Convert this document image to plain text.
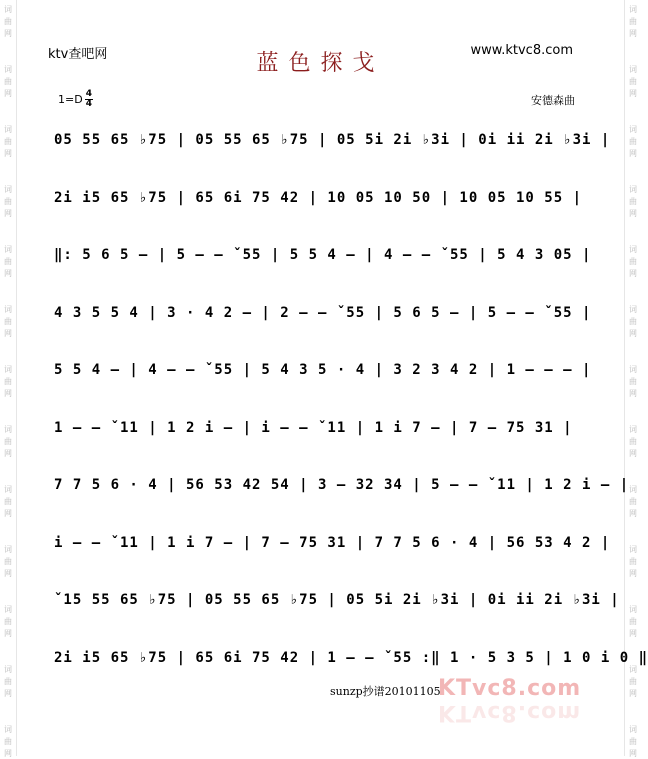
词
曲
网
词
曲
网
词
曲
网
词
曲
网
词
曲
网
词
曲
网
词
曲
网
词
曲
网
词
曲
网
词
曲
网
词
曲
网
词
曲
网
词
曲
网
词
曲
网
词
曲
网
词
曲
网
词
曲
网
词
曲
网
词
曲
网
词
曲
网
词
曲
网
词
曲
网
词
曲
网
词
曲
网
词
曲
网
词
曲
网
ktv查吧网	www.ktvc8.com
蓝色探戈
$1=D \frac{4}{4}$	安德森曲
05 55 65 ♭75 | 05 55 65 ♭75 | 05 5i 2i ♭3i | 0i ii 2i ♭3i |
2i i5 65 ♭75 | 65 6i 75 42 | 10 05 10 50 | 10 05 10 55 |
‖: 5 6 5 – | 5 – – ˇ55 | 5 5 4 – | 4 – – ˇ55 | 5 4 3 05 |
4 3 5 5 4 | 3 · 4 2 – | 2 – – ˇ55 | 5 6 5 – | 5 – – ˇ55 |
5 5 4 – | 4 – – ˇ55 | 5 4 3 5 · 4 | 3 2 3 4 2 | 1 – – – |
1 – – ˇ11 | 1 2 i – | i – – ˇ11 | 1 i 7 – | 7 – 75 31 |
7 7 5 6 · 4 | 56 53 42 54 | 3 – 32 34 | 5 – – ˇ11 | 1 2 i – |
i – – ˇ11 | 1 i 7 – | 7 – 75 31 | 7 7 5 6 · 4 | 56 53 4 2 |
ˇ15 55 65 ♭75 | 05 55 65 ♭75 | 05 5i 2i ♭3i | 0i ii 2i ♭3i |
2i i5 65 ♭75 | 65 6i 75 42 | 1 – – ˇ55 :‖ 1 · 5 3 5 | 1 0 i 0 ‖
sunzp抄谱20101105.
KTvc8.com
KTvc8.com
